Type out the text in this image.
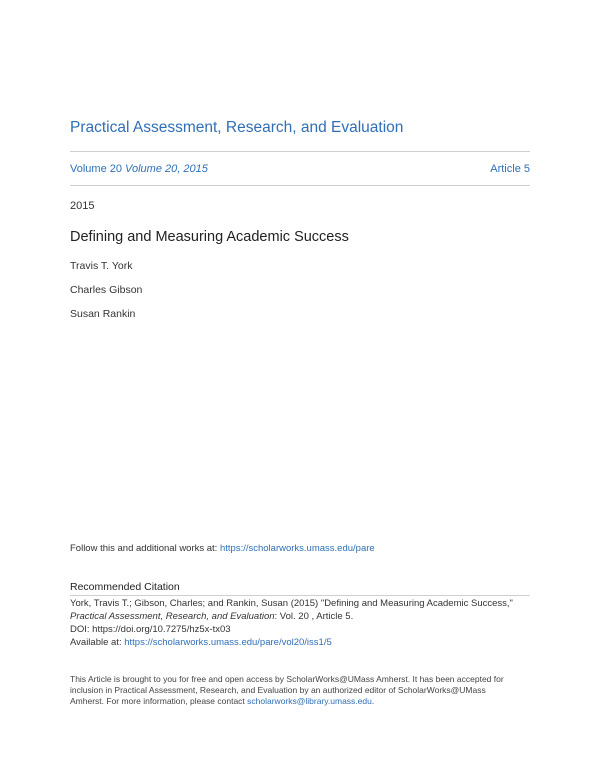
Practical Assessment, Research, and Evaluation
Volume 20 Volume 20, 2015	Article 5
2015
Defining and Measuring Academic Success
Travis T. York
Charles Gibson
Susan Rankin
Follow this and additional works at: https://scholarworks.umass.edu/pare
Recommended Citation
York, Travis T.; Gibson, Charles; and Rankin, Susan (2015) "Defining and Measuring Academic Success,"
Practical Assessment, Research, and Evaluation: Vol. 20 , Article 5.
DOI: https://doi.org/10.7275/hz5x-tx03
Available at: https://scholarworks.umass.edu/pare/vol20/iss1/5
This Article is brought to you for free and open access by ScholarWorks@UMass Amherst. It has been accepted for
inclusion in Practical Assessment, Research, and Evaluation by an authorized editor of ScholarWorks@UMass
Amherst. For more information, please contact scholarworks@library.umass.edu.
